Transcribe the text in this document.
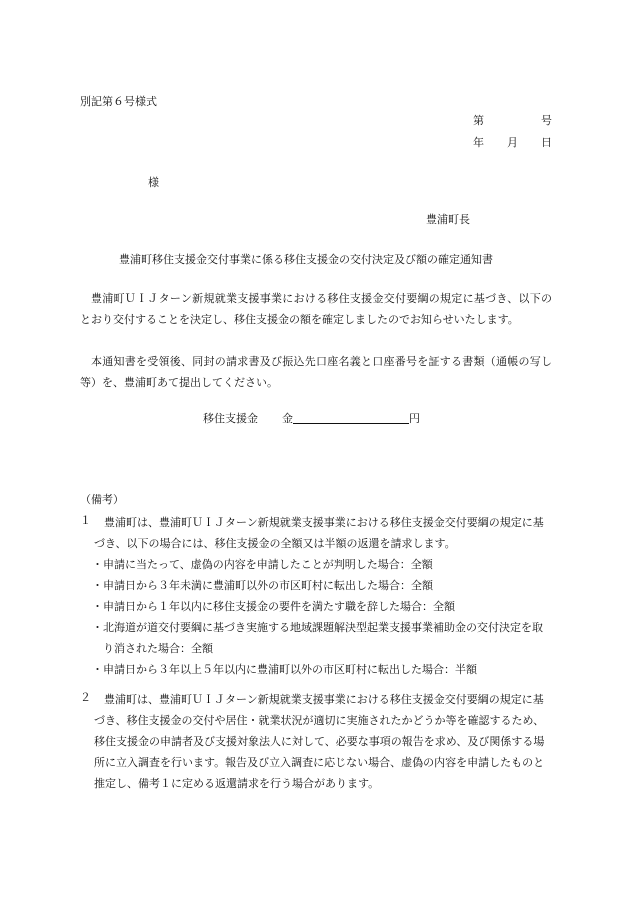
別記第６号様式
第	号
年 月 日
様
豊浦町長
豊浦町移住支援金交付事業に係る移住支援金の交付決定及び額の確定通知書
豊浦町ＵＩＪターン新規就業支援事業における移住支援金交付要綱の規定に基づき、以下のとおり交付することを決定し、移住支援金の額を確定しましたのでお知らせいたします。
本通知書を受領後、同封の請求書及び振込先口座名義と口座番号を証する書類（通帳の写し等）を、豊浦町あて提出してください。
移住支援金 金	円
（備考）
１	豊浦町は、豊浦町ＵＩＪターン新規就業支援事業における移住支援金交付要綱の規定に基づき、以下の場合には、移住支援金の全額又は半額の返還を請求します。
・申請に当たって、虚偽の内容を申請したことが判明した場合：全額
・申請日から３年未満に豊浦町以外の市区町村に転出した場合：全額
・申請日から１年以内に移住支援金の要件を満たす職を辞した場合：全額
・北海道が道交付要綱に基づき実施する地域課題解決型起業支援事業補助金の交付決定を取り消された場合：全額
・申請日から３年以上５年以内に豊浦町以外の市区町村に転出した場合：半額
２	豊浦町は、豊浦町ＵＩＪターン新規就業支援事業における移住支援金交付要綱の規定に基づき、移住支援金の交付や居住・就業状況が適切に実施されたかどうか等を確認するため、移住支援金の申請者及び支援対象法人に対して、必要な事項の報告を求め、及び関係する場所に立入調査を行います。報告及び立入調査に応じない場合、虚偽の内容を申請したものと推定し、備考１に定める返還請求を行う場合があります。
